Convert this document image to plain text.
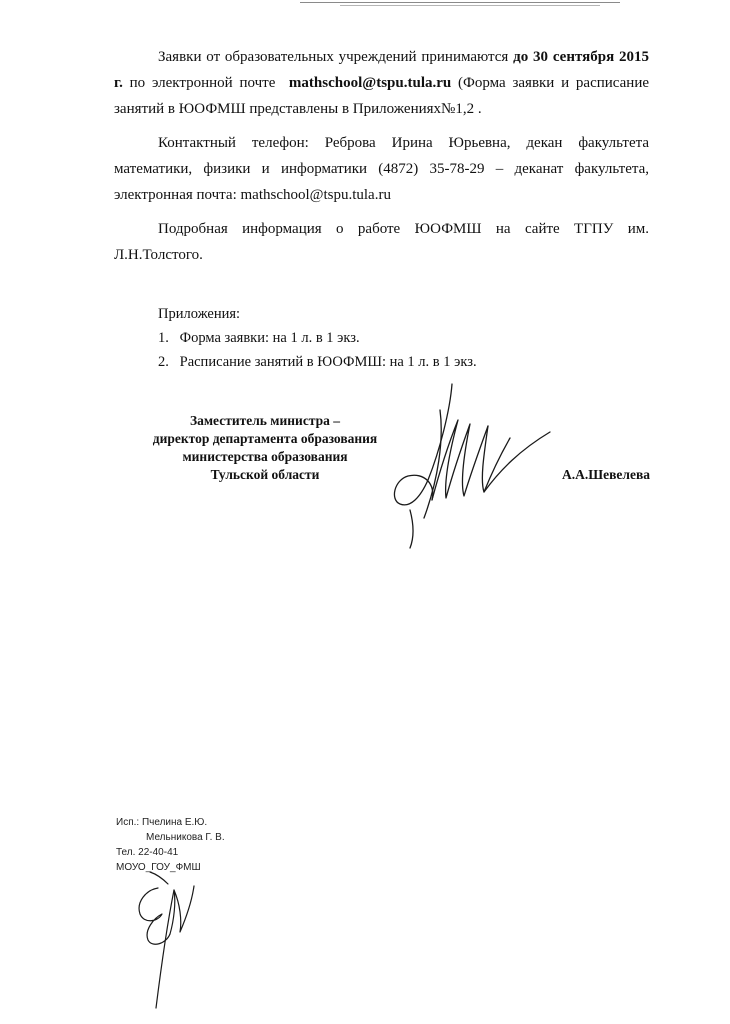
Заявки от образовательных учреждений принимаются до 30 сентября 2015 г. по электронной почте mathschool@tspu.tula.ru (Форма заявки и расписание занятий в ЮОФМШ представлены в Приложениях№1,2 .

Контактный телефон: Реброва Ирина Юрьевна, декан факультета математики, физики и информатики (4872) 35-78-29 – деканат факультета, электронная почта: mathschool@tspu.tula.ru

Подробная информация о работе ЮОФМШ на сайте ТГПУ им. Л.Н.Толстого.

Приложения:
1. Форма заявки: на 1 л. в 1 экз.
2. Расписание занятий в ЮОФМШ: на 1 л. в 1 экз.
Заместитель министра –
директор департамента образования
министерства образования
Тульской области	А.А.Шевелева
Исп.: Пчелина Е.Ю.
Мельникова Г. В.
Тел. 22-40-41
МОУО_ГОУ_ФМШ
